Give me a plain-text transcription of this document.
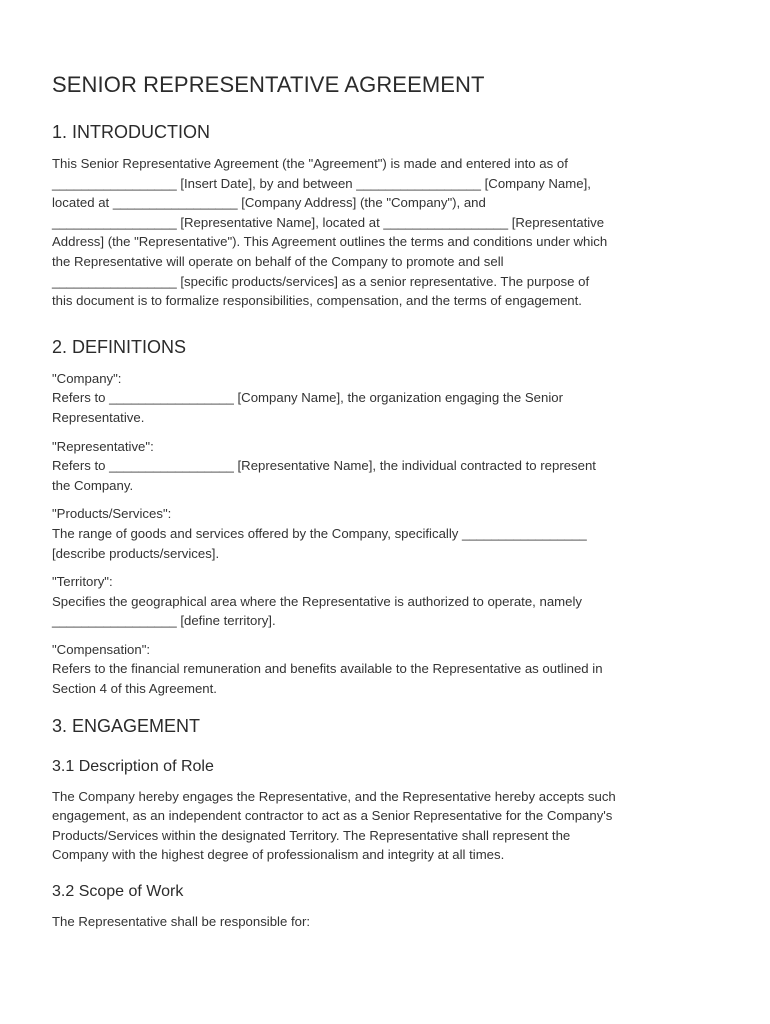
SENIOR REPRESENTATIVE AGREEMENT
1. INTRODUCTION

This Senior Representative Agreement (the "Agreement") is made and entered into as of
_________________ [Insert Date], by and between _________________ [Company Name],
located at _________________ [Company Address] (the "Company"), and
_________________ [Representative Name], located at _________________ [Representative
Address] (the "Representative"). This Agreement outlines the terms and conditions under which
the Representative will operate on behalf of the Company to promote and sell
_________________ [specific products/services] as a senior representative. The purpose of
this document is to formalize responsibilities, compensation, and the terms of engagement.

2. DEFINITIONS

"Company":
Refers to _________________ [Company Name], the organization engaging the Senior
Representative.

"Representative":
Refers to _________________ [Representative Name], the individual contracted to represent
the Company.

"Products/Services":
The range of goods and services offered by the Company, specifically _________________
[describe products/services].

"Territory":
Specifies the geographical area where the Representative is authorized to operate, namely
_________________ [define territory].

"Compensation":
Refers to the financial remuneration and benefits available to the Representative as outlined in
Section 4 of this Agreement.

3. ENGAGEMENT
3.1 Description of Role

The Company hereby engages the Representative, and the Representative hereby accepts such
engagement, as an independent contractor to act as a Senior Representative for the Company's
Products/Services within the designated Territory. The Representative shall represent the
Company with the highest degree of professionalism and integrity at all times.

3.2 Scope of Work

The Representative shall be responsible for:
